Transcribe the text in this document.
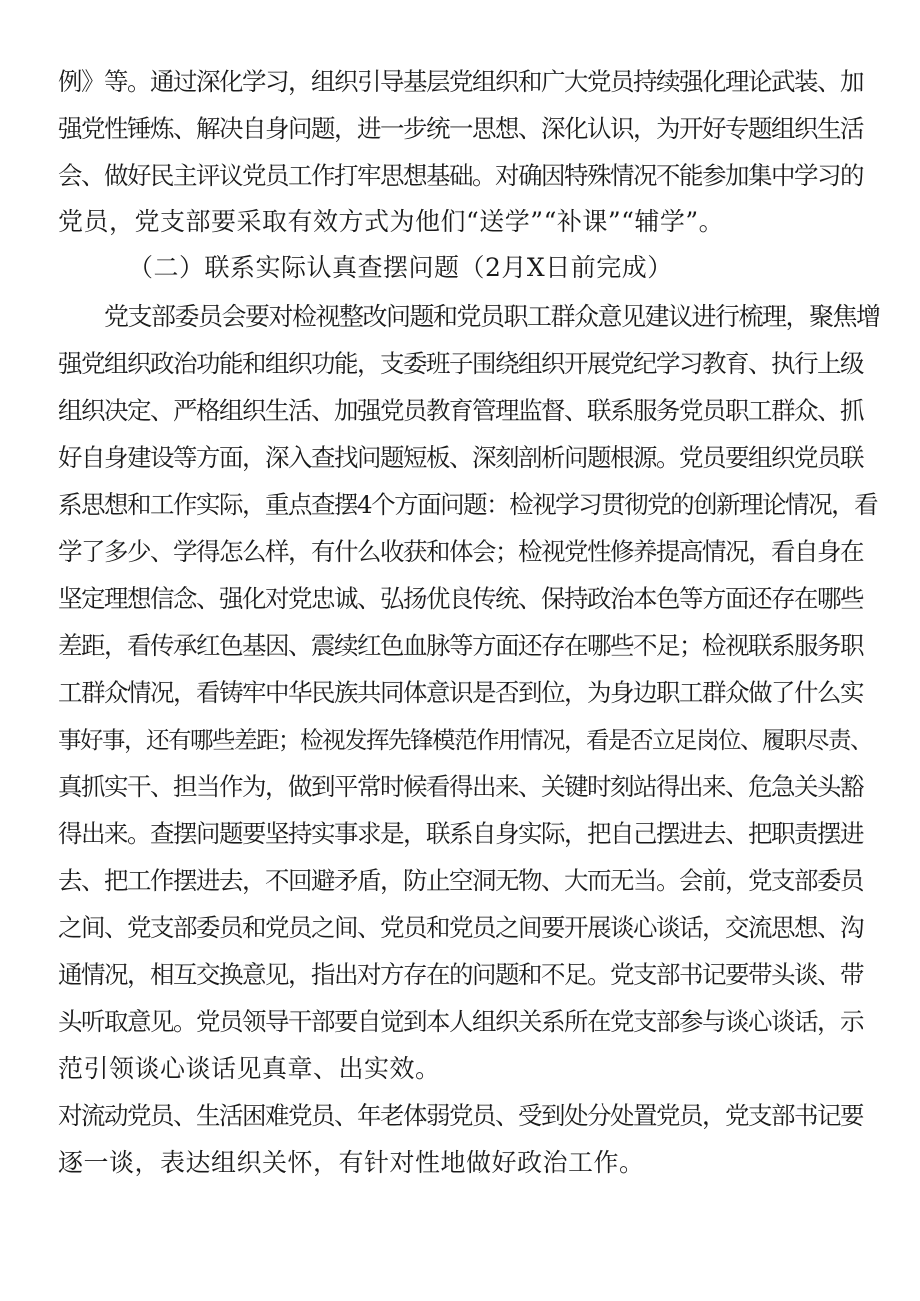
例》等。通过深化学习，组织引导基层党组织和广大党员持续强化理论武装、加
强党性锤炼、解决自身问题，进一步统一思想、深化认识，为开好专题组织生活
会、做好民主评议党员工作打牢思想基础。对确因特殊情况不能参加集中学习的
党员，党支部要采取有效方式为他们“送学”“补课”“辅学”。
（二）联系实际认真查摆问题（2月X日前完成）
党支部委员会要对检视整改问题和党员职工群众意见建议进行梳理，聚焦增
强党组织政治功能和组织功能，支委班子围绕组织开展党纪学习教育、执行上级
组织决定、严格组织生活、加强党员教育管理监督、联系服务党员职工群众、抓
好自身建设等方面，深入查找问题短板、深刻剖析问题根源。党员要组织党员联
系思想和工作实际，重点查摆4个方面问题：检视学习贯彻党的创新理论情况，看
学了多少、学得怎么样，有什么收获和体会；检视党性修养提高情况，看自身在
坚定理想信念、强化对党忠诚、弘扬优良传统、保持政治本色等方面还存在哪些
差距，看传承红色基因、震续红色血脉等方面还存在哪些不足；检视联系服务职
工群众情况，看铸牢中华民族共同体意识是否到位，为身边职工群众做了什么实
事好事，还有哪些差距；检视发挥先锋模范作用情况，看是否立足岗位、履职尽责、
真抓实干、担当作为，做到平常时候看得出来、关键时刻站得出来、危急关头豁
得出来。查摆问题要坚持实事求是，联系自身实际，把自己摆进去、把职责摆进
去、把工作摆进去，不回避矛盾，防止空洞无物、大而无当。会前，党支部委员
之间、党支部委员和党员之间、党员和党员之间要开展谈心谈话，交流思想、沟
通情况，相互交换意见，指出对方存在的问题和不足。党支部书记要带头谈、带
头听取意见。党员领导干部要自觉到本人组织关系所在党支部参与谈心谈话，示
范引领谈心谈话见真章、出实效。
对流动党员、生活困难党员、年老体弱党员、受到处分处置党员，党支部书记要
逐一谈，表达组织关怀，有针对性地做好政治工作。
